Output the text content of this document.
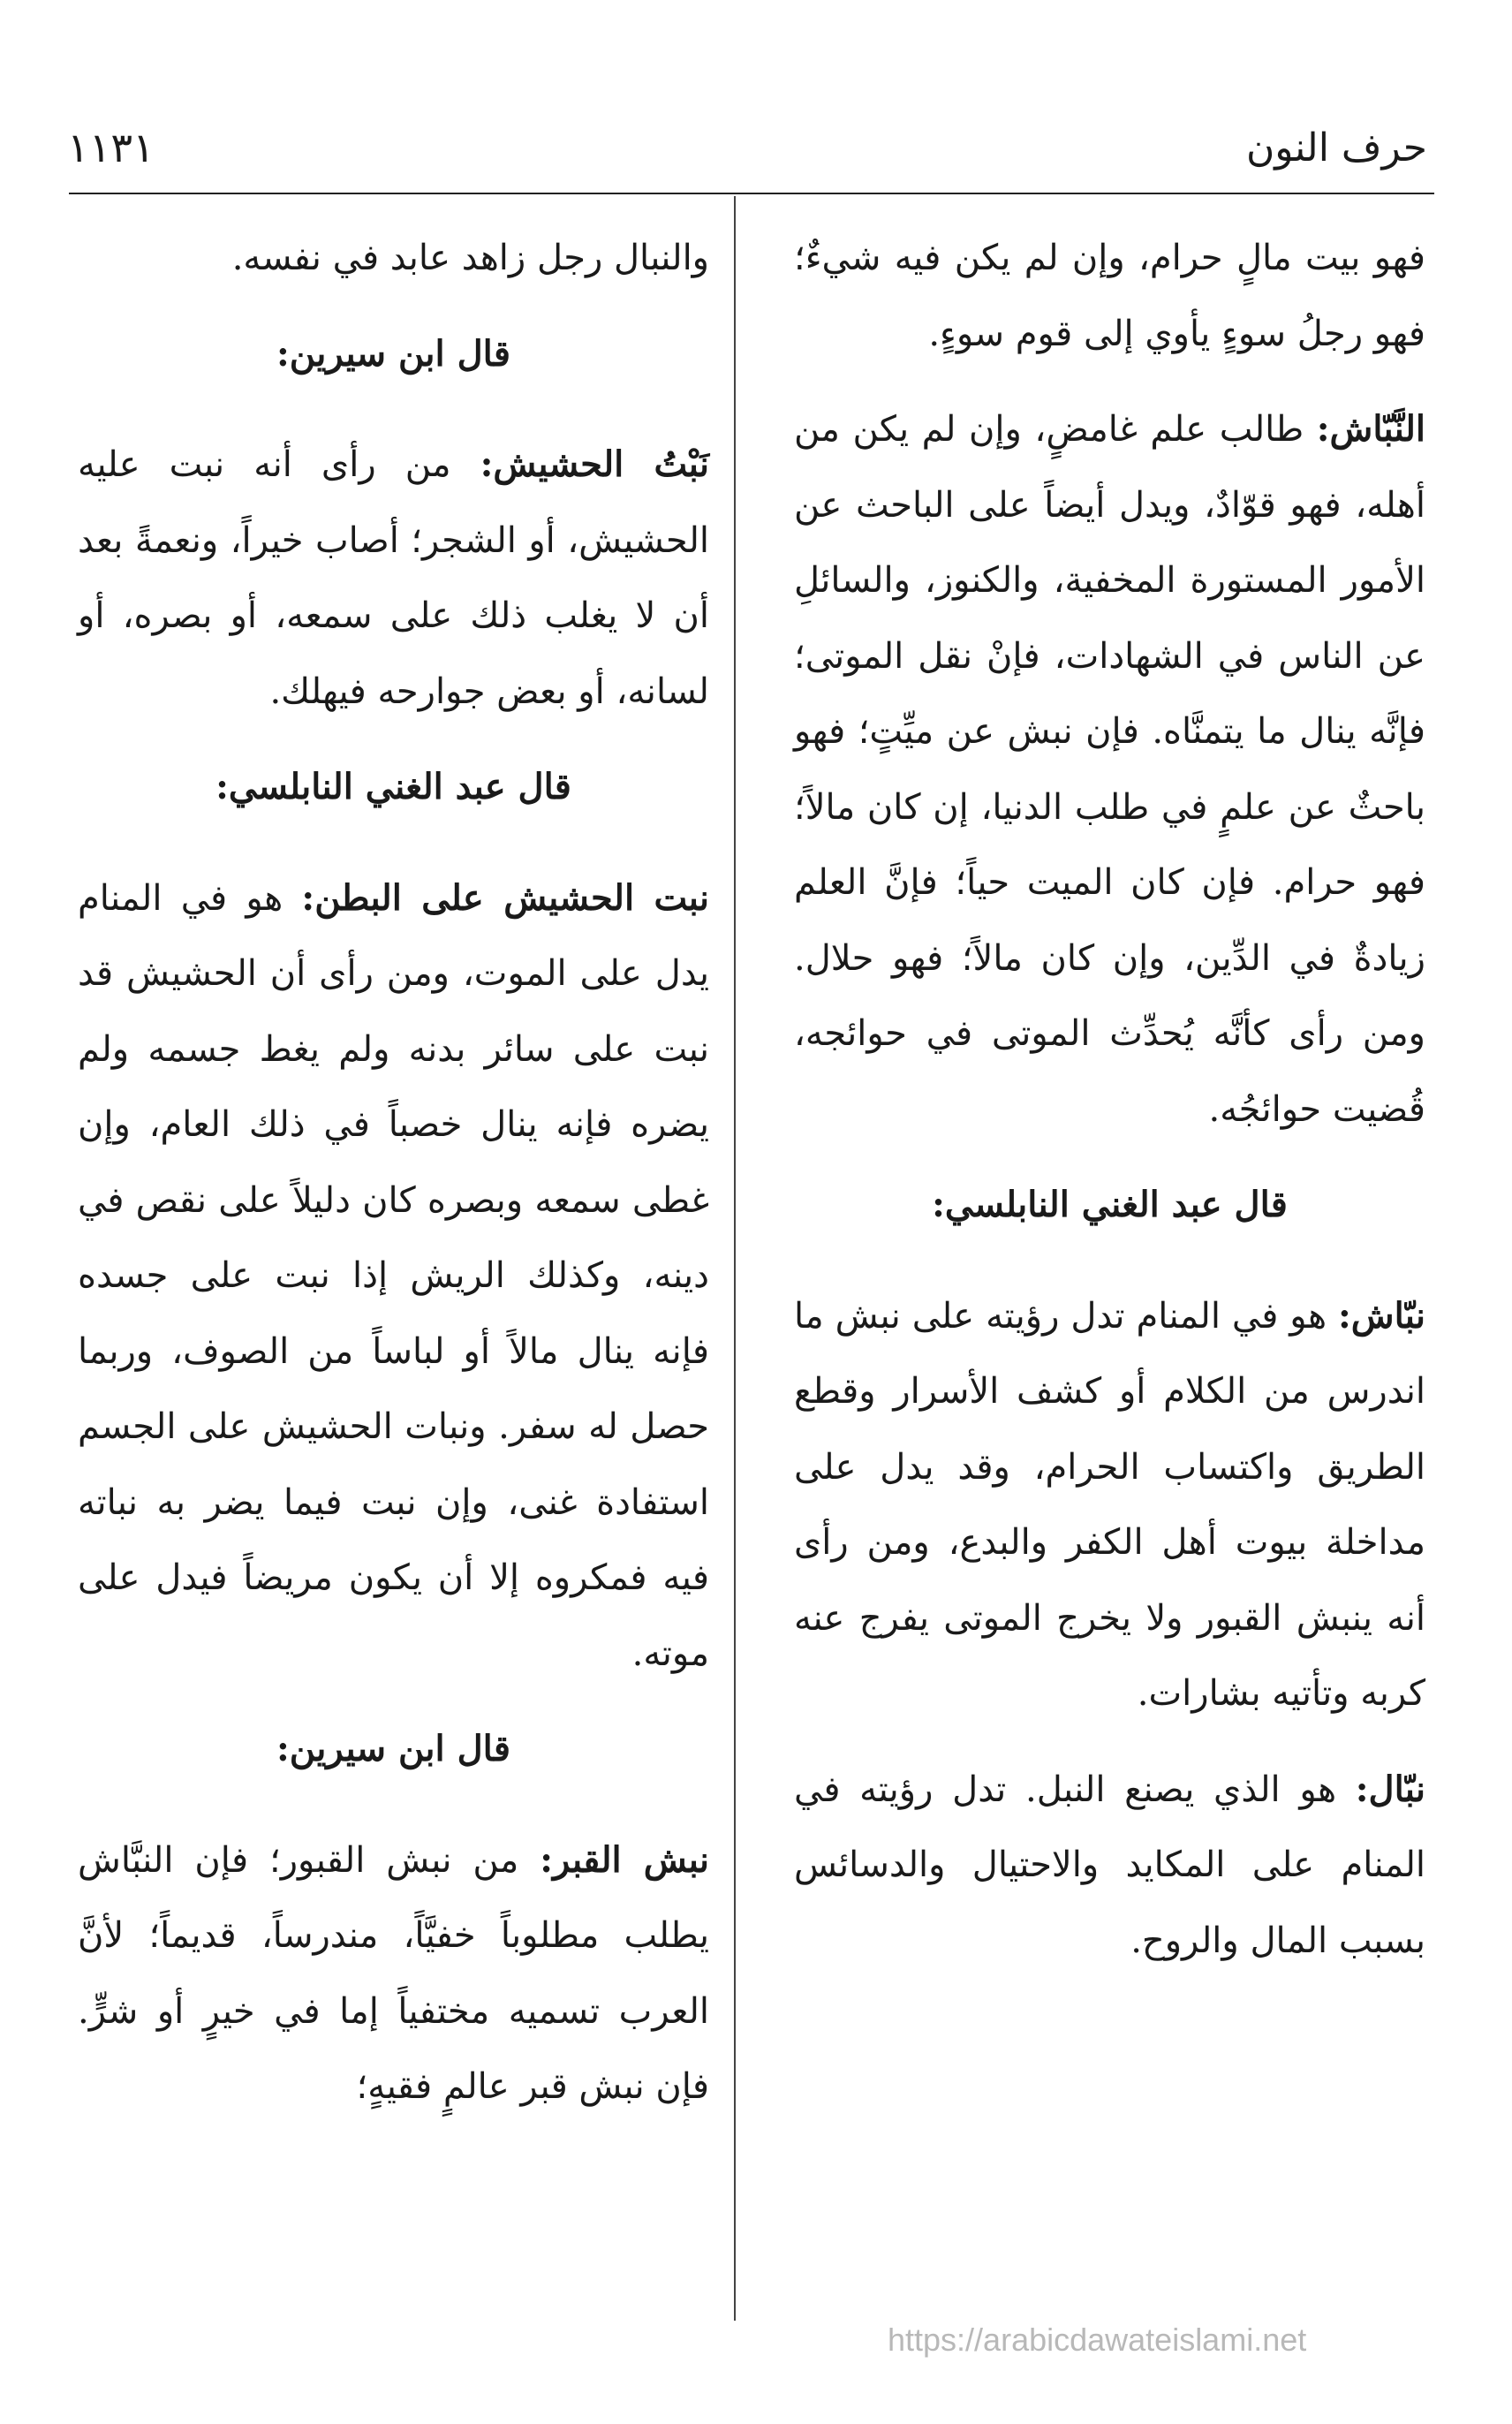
حرف النون
١١٣١

فهو بيت مالٍ حرام، وإن لم يكن فيه شيءٌ؛ فهو رجلُ سوءٍ يأوي إلى قوم سوءٍ.

النَّبّاش: طالب علم غامضٍ، وإن لم يكن من أهله، فهو قوّادٌ، ويدل أيضاً على الباحث عن الأمور المستورة المخفية، والكنوز، والسائلِ عن الناس في الشهادات، فإنْ نقل الموتى؛ فإنَّه ينال ما يتمنَّاه. فإن نبش عن ميِّتٍ؛ فهو باحثٌ عن علمٍ في طلب الدنيا، إن كان مالاً؛ فهو حرام. فإن كان الميت حياً؛ فإنَّ العلم زيادةٌ في الدِّين، وإن كان مالاً؛ فهو حلال. ومن رأى كأنَّه يُحدِّث الموتى في حوائجه، قُضيت حوائجُه.

قال عبد الغني النابلسي:

نبّاش: هو في المنام تدل رؤيته على نبش ما اندرس من الكلام أو كشف الأسرار وقطع الطريق واكتساب الحرام، وقد يدل على مداخلة بيوت أهل الكفر والبدع، ومن رأى أنه ينبش القبور ولا يخرج الموتى يفرج عنه كربه وتأتيه بشارات.

نبّال: هو الذي يصنع النبل. تدل رؤيته في المنام على المكايد والاحتيال والدسائس بسبب المال والروح.

والنبال رجل زاهد عابد في نفسه.

قال ابن سيرين:

نَبْتُ الحشيش: من رأى أنه نبت عليه الحشيش، أو الشجر؛ أصاب خيراً، ونعمةً بعد أن لا يغلب ذلك على سمعه، أو بصره، أو لسانه، أو بعض جوارحه فيهلك.

قال عبد الغني النابلسي:

نبت الحشيش على البطن: هو في المنام يدل على الموت، ومن رأى أن الحشيش قد نبت على سائر بدنه ولم يغط جسمه ولم يضره فإنه ينال خصباً في ذلك العام، وإن غطى سمعه وبصره كان دليلاً على نقص في دينه، وكذلك الريش إذا نبت على جسده فإنه ينال مالاً أو لباساً من الصوف، وربما حصل له سفر. ونبات الحشيش على الجسم استفادة غنى، وإن نبت فيما يضر به نباته فيه فمكروه إلا أن يكون مريضاً فيدل على موته.

قال ابن سيرين:

نبش القبر: من نبش القبور؛ فإن النبَّاش يطلب مطلوباً خفيَّاً، مندرساً، قديماً؛ لأنَّ العرب تسميه مختفياً إما في خيرٍ أو شرٍّ. فإن نبش قبر عالمٍ فقيهٍ؛

https://arabicdawateislami.net
